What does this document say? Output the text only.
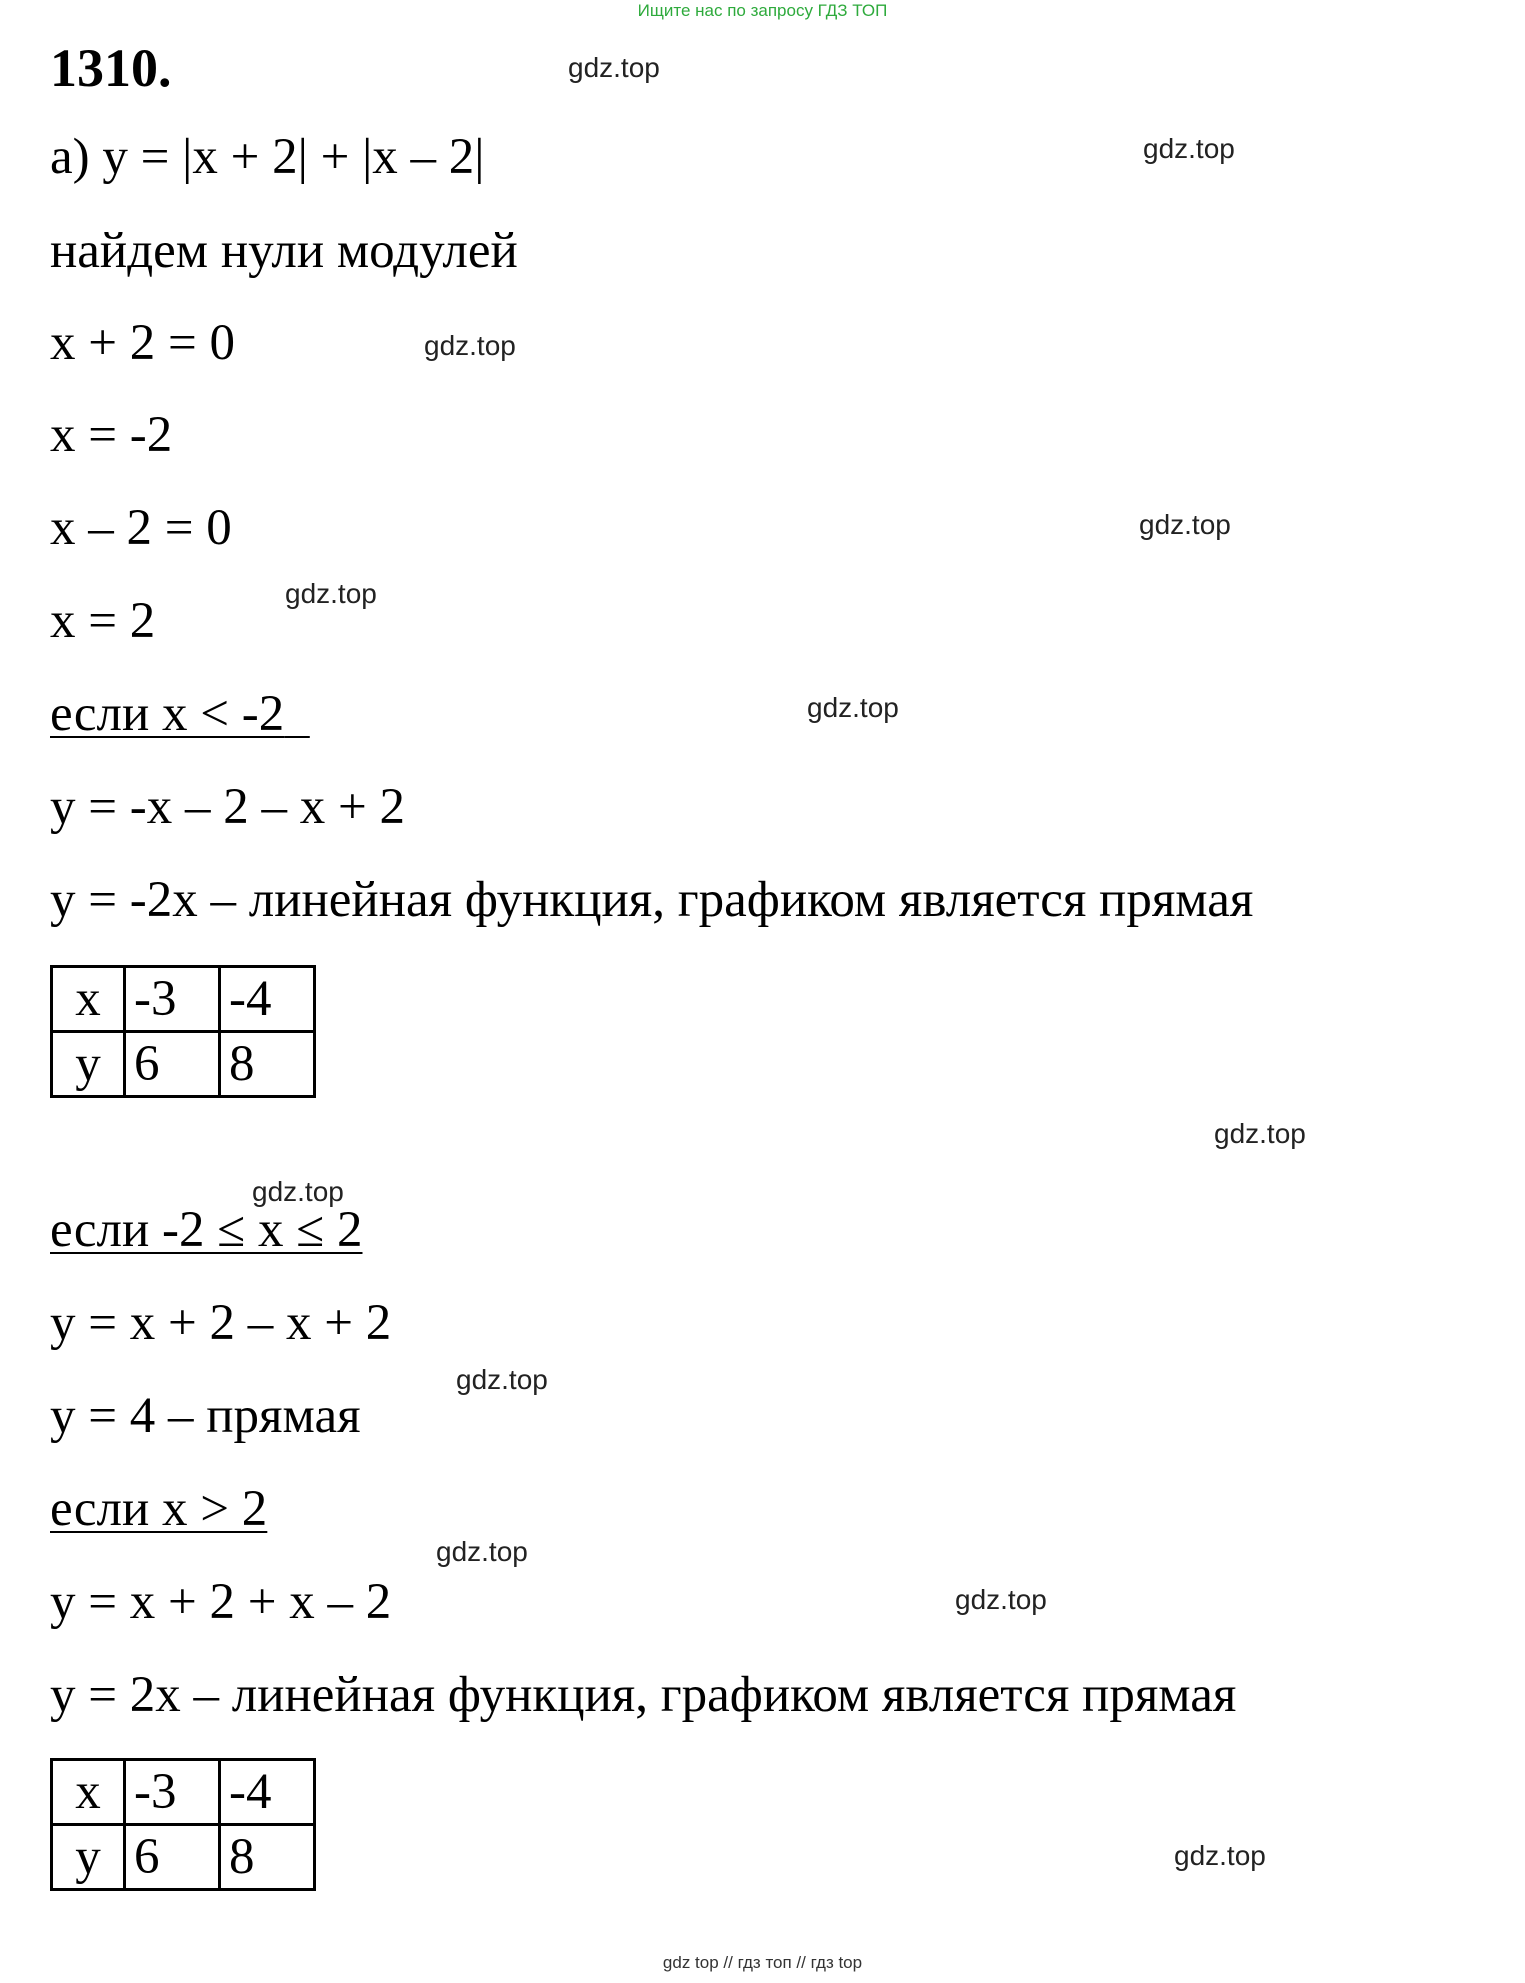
Ищите нас по запросу ГДЗ ТОП
1310.
а) y = |x + 2| + |x – 2|
найдем нули модулей
x + 2 = 0
x = -2
x – 2 = 0
x = 2
если x < -2
y = -x – 2 – x + 2
y = -2x – линейная функция, графиком является прямая
x	-3	-4
y	6	8
если -2 ≤ x ≤ 2
y = x + 2 – x + 2
y = 4 – прямая
если x > 2
y = x + 2 + x – 2
y = 2x – линейная функция, графиком является прямая
x	-3	-4
y	6	8
gdz.top
gdz.top
gdz.top
gdz.top
gdz.top
gdz.top
gdz.top
gdz.top
gdz.top
gdz.top
gdz.top
gdz.top
gdz top // гдз топ // гдз top
